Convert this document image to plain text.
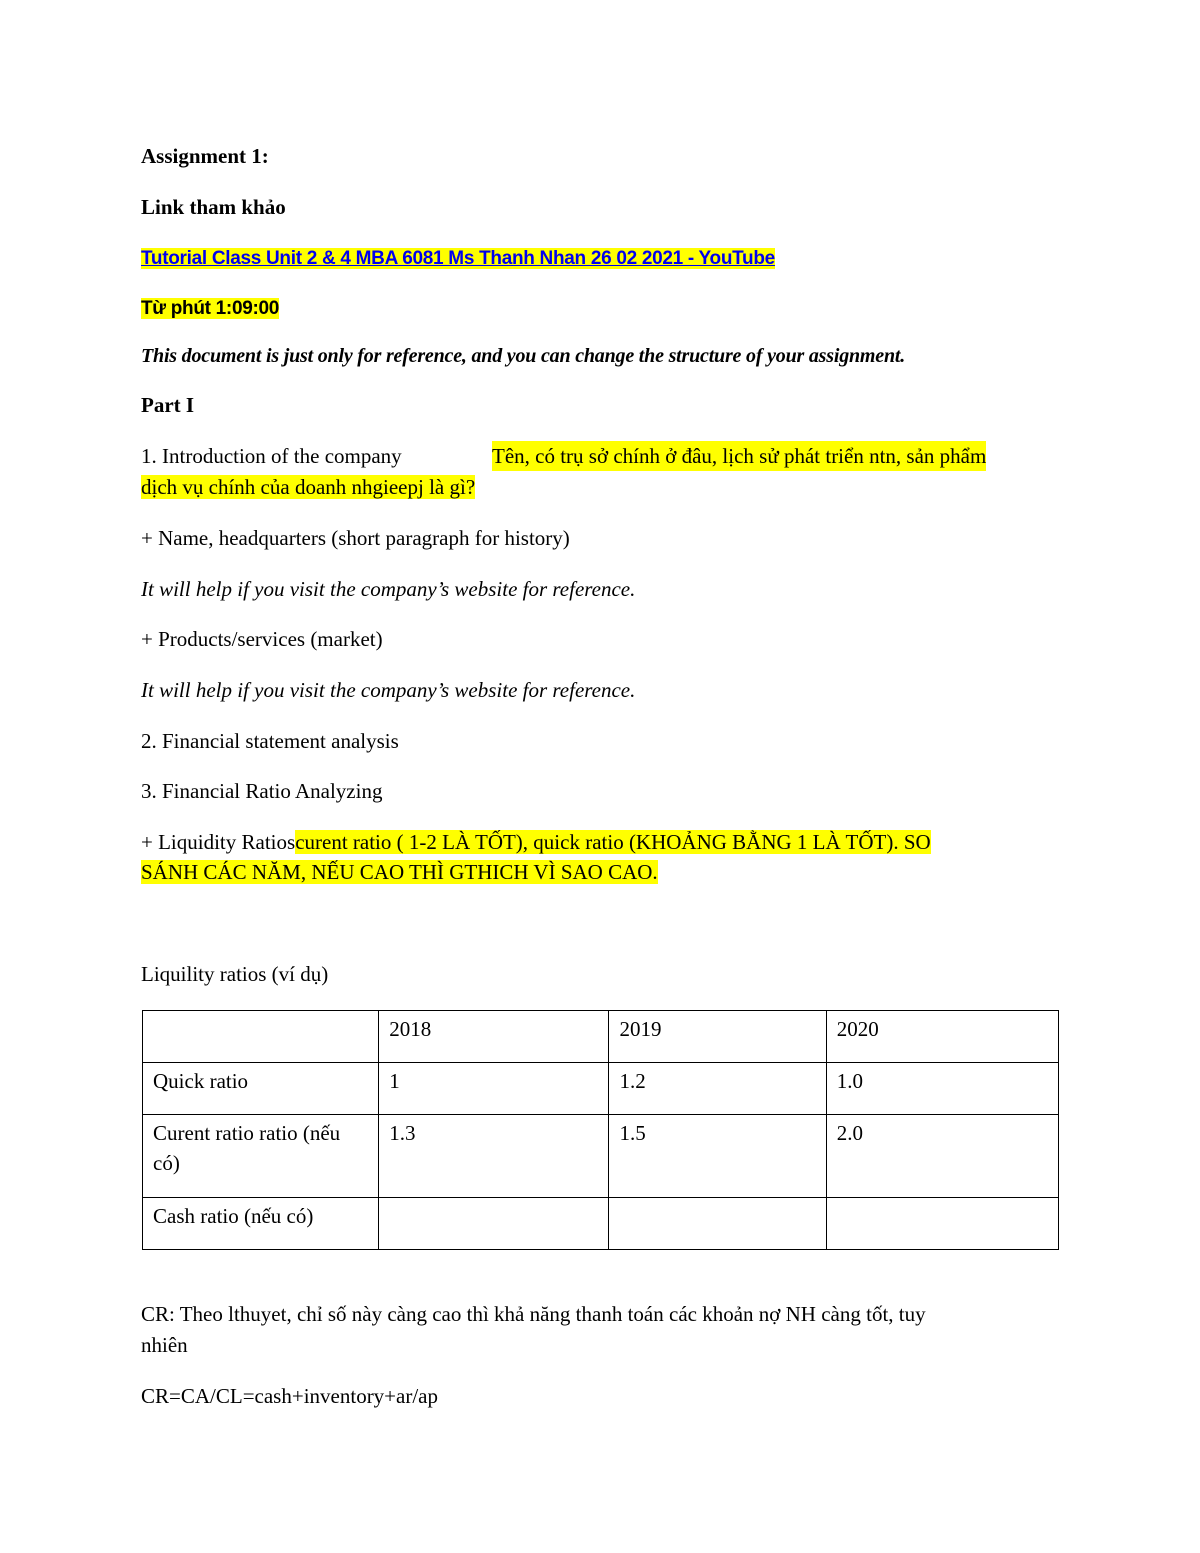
Assignment 1:
Link tham khảo
Tutorial Class Unit 2 & 4 MBA 6081 Ms Thanh Nhan 26 02 2021 - YouTube
Từ phút 1:09:00
This document is just only for reference, and you can change the structure of your assignment.
Part I
1. Introduction of the company	Tên, có trụ sở chính ở đâu, lịch sử phát triển ntn, sản phẩm
dịch vụ chính của doanh nhgieepj là gì?
+ Name, headquarters (short paragraph for history)
It will help if you visit the company’s website for reference.
+ Products/services (market)
It will help if you visit the company’s website for reference.
2. Financial statement analysis
3. Financial Ratio Analyzing
+ Liquidity Ratioscurent ratio ( 1-2 LÀ TỐT), quick ratio (KHOẢNG BẰNG 1 LÀ TỐT). SO
SÁNH CÁC NĂM, NẾU CAO THÌ GTHICH VÌ SAO CAO.
Liquility ratios (ví dụ)
	2018	2019	2020
Quick ratio	1	1.2	1.0
Curent ratio ratio (nếu có)	1.3	1.5	2.0
Cash ratio (nếu có)			
CR: Theo lthuyet, chỉ số này càng cao thì khả năng thanh toán các khoản nợ NH càng tốt, tuy
nhiên
CR=CA/CL=cash+inventory+ar/ap
